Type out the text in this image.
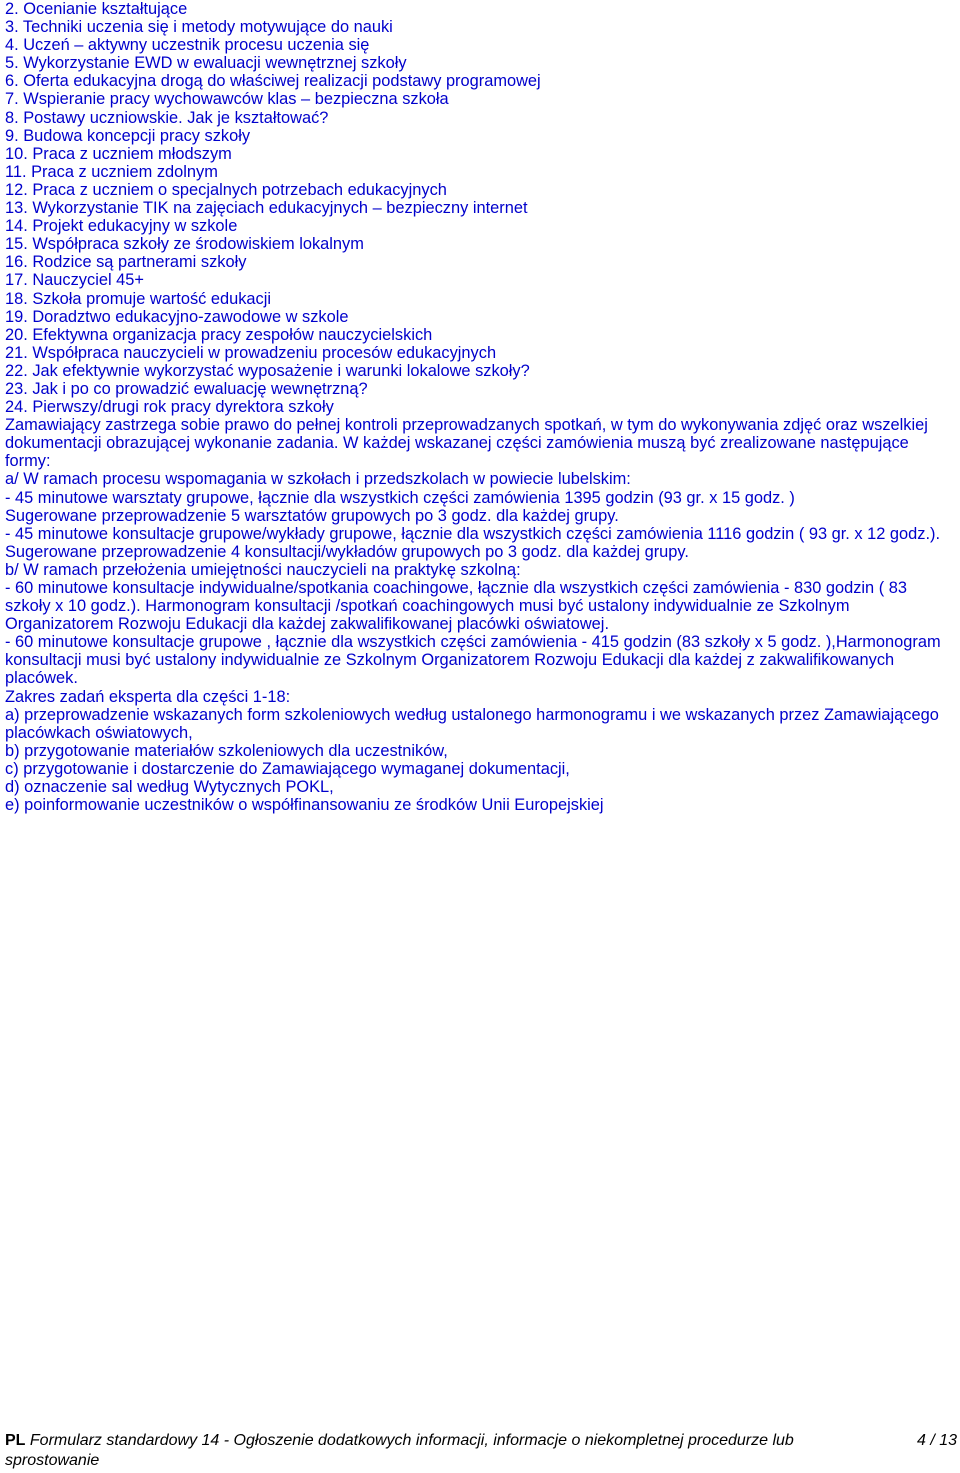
2. Ocenianie kształtujące

3. Techniki uczenia się i metody motywujące do nauki

4. Uczeń – aktywny uczestnik procesu uczenia się

5. Wykorzystanie EWD w ewaluacji wewnętrznej szkoły

6. Oferta edukacyjna drogą do właściwej realizacji podstawy programowej

7. Wspieranie pracy wychowawców klas – bezpieczna szkoła

8. Postawy uczniowskie. Jak je kształtować?

9. Budowa koncepcji pracy szkoły

10. Praca z uczniem młodszym

11. Praca z uczniem zdolnym

12. Praca z uczniem o specjalnych potrzebach edukacyjnych

13. Wykorzystanie TIK na zajęciach edukacyjnych – bezpieczny internet

14. Projekt edukacyjny w szkole

15. Współpraca szkoły ze środowiskiem lokalnym

16. Rodzice są partnerami szkoły

17. Nauczyciel 45+

18. Szkoła promuje wartość edukacji

19. Doradztwo edukacyjno-zawodowe w szkole

20. Efektywna organizacja pracy zespołów nauczycielskich

21. Współpraca nauczycieli w prowadzeniu procesów edukacyjnych

22. Jak efektywnie wykorzystać wyposażenie i warunki lokalowe szkoły?

23. Jak i po co prowadzić ewaluację wewnętrzną?

24. Pierwszy/drugi rok pracy dyrektora szkoły

Zamawiający zastrzega sobie prawo do pełnej kontroli przeprowadzanych spotkań, w tym do wykonywania zdjęć oraz wszelkiej dokumentacji obrazującej wykonanie zadania. W każdej wskazanej części zamówienia muszą być zrealizowane następujące formy:

a/ W ramach procesu wspomagania w szkołach i przedszkolach w powiecie lubelskim:

- 45 minutowe warsztaty grupowe, łącznie dla wszystkich części zamówienia 1395 godzin (93 gr. x 15 godz. )

Sugerowane przeprowadzenie 5 warsztatów grupowych po 3 godz. dla każdej grupy.

- 45 minutowe konsultacje grupowe/wykłady grupowe, łącznie dla wszystkich części zamówienia 1116 godzin ( 93 gr. x 12 godz.).

Sugerowane przeprowadzenie 4 konsultacji/wykładów grupowych po 3 godz. dla każdej grupy.

b/ W ramach przełożenia umiejętności nauczycieli na praktykę szkolną:

- 60 minutowe konsultacje indywidualne/spotkania coachingowe, łącznie dla wszystkich części zamówienia - 830 godzin ( 83 szkoły x 10 godz.). Harmonogram konsultacji /spotkań coachingowych musi być ustalony indywidualnie ze Szkolnym Organizatorem Rozwoju Edukacji dla każdej zakwalifikowanej placówki oświatowej.

- 60 minutowe konsultacje grupowe , łącznie dla wszystkich części zamówienia - 415 godzin (83 szkoły x 5 godz. ),Harmonogram konsultacji musi być ustalony indywidualnie ze Szkolnym Organizatorem Rozwoju Edukacji dla każdej z zakwalifikowanych placówek.

Zakres zadań eksperta dla części 1-18:

a) przeprowadzenie wskazanych form szkoleniowych według ustalonego harmonogramu i we wskazanych przez Zamawiającego placówkach oświatowych,

b) przygotowanie materiałów szkoleniowych dla uczestników,

c) przygotowanie i dostarczenie do Zamawiającego wymaganej dokumentacji,

d) oznaczenie sal według Wytycznych POKL,

e) poinformowanie uczestników o współfinansowaniu ze środków Unii Europejskiej

PL Formularz standardowy 14 - Ogłoszenie dodatkowych informacji, informacje o niekompletnej procedurze lub sprostowanie
4 / 13
